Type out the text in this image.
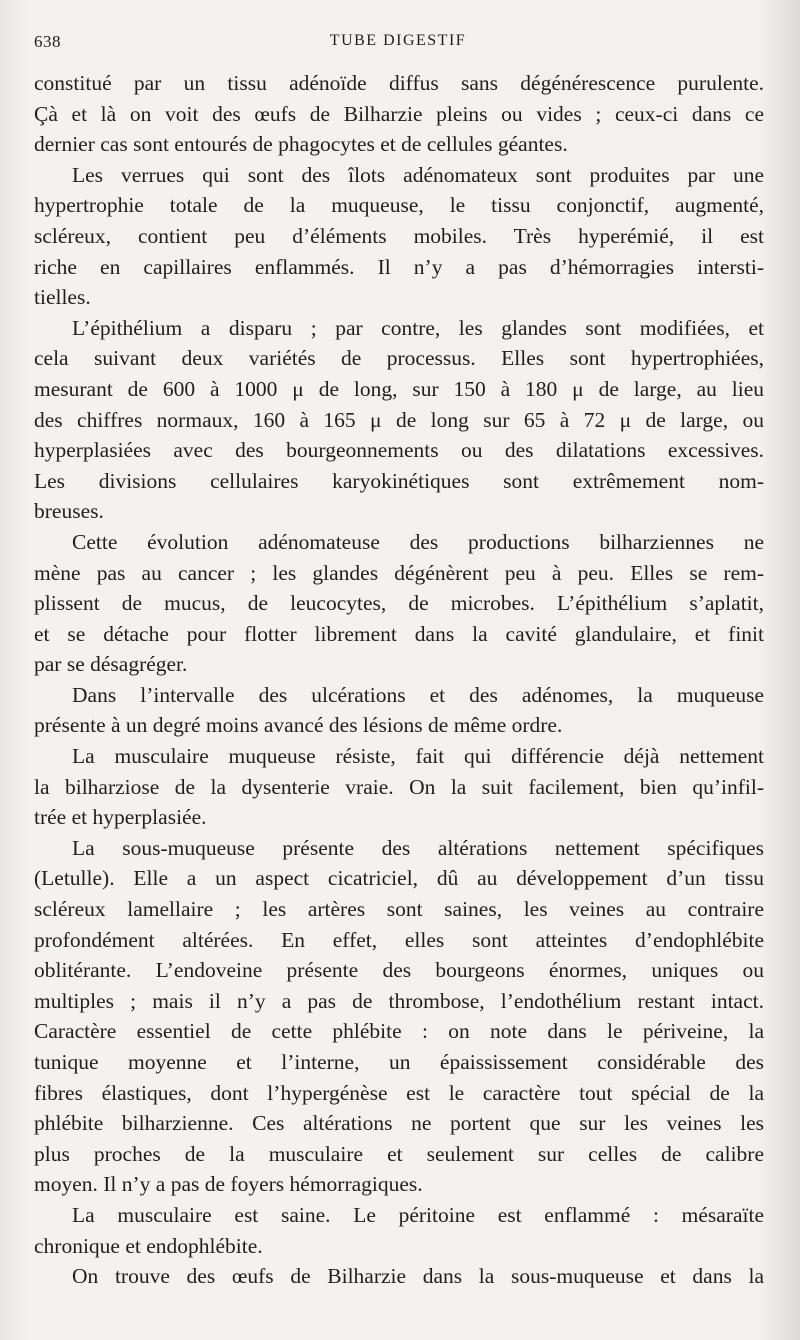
638	TUBE DIGESTIF
constitué par un tissu adénoïde diffus sans dégénérescence purulente.
Çà et là on voit des œufs de Bilharzie pleins ou vides ; ceux-ci dans ce
dernier cas sont entourés de phagocytes et de cellules géantes.
Les verrues qui sont des îlots adénomateux sont produites par une
hypertrophie totale de la muqueuse, le tissu conjonctif, augmenté,
scléreux, contient peu d’éléments mobiles. Très hyperémié, il est
riche en capillaires enflammés. Il n’y a pas d’hémorragies intersti-
tielles.
L’épithélium a disparu ; par contre, les glandes sont modifiées, et
cela suivant deux variétés de processus. Elles sont hypertrophiées,
mesurant de 600 à 1000 μ de long, sur 150 à 180 μ de large, au lieu
des chiffres normaux, 160 à 165 μ de long sur 65 à 72 μ de large, ou
hyperplasiées avec des bourgeonnements ou des dilatations excessives.
Les divisions cellulaires karyokinétiques sont extrêmement nom-
breuses.
Cette évolution adénomateuse des productions bilharziennes ne
mène pas au cancer ; les glandes dégénèrent peu à peu. Elles se rem-
plissent de mucus, de leucocytes, de microbes. L’épithélium s’aplatit,
et se détache pour flotter librement dans la cavité glandulaire, et finit
par se désagréger.
Dans l’intervalle des ulcérations et des adénomes, la muqueuse
présente à un degré moins avancé des lésions de même ordre.
La musculaire muqueuse résiste, fait qui différencie déjà nettement
la bilharziose de la dysenterie vraie. On la suit facilement, bien qu’infil-
trée et hyperplasiée.
La sous-muqueuse présente des altérations nettement spécifiques
(Letulle). Elle a un aspect cicatriciel, dû au développement d’un tissu
scléreux lamellaire ; les artères sont saines, les veines au contraire
profondément altérées. En effet, elles sont atteintes d’endophlébite
oblitérante. L’endoveine présente des bourgeons énormes, uniques ou
multiples ; mais il n’y a pas de thrombose, l’endothélium restant intact.
Caractère essentiel de cette phlébite : on note dans le périveine, la
tunique moyenne et l’interne, un épaississement considérable des
fibres élastiques, dont l’hypergénèse est le caractère tout spécial de la
phlébite bilharzienne. Ces altérations ne portent que sur les veines les
plus proches de la musculaire et seulement sur celles de calibre
moyen. Il n’y a pas de foyers hémorragiques.
La musculaire est saine. Le péritoine est enflammé : mésaraïte
chronique et endophlébite.
On trouve des œufs de Bilharzie dans la sous-muqueuse et dans la
